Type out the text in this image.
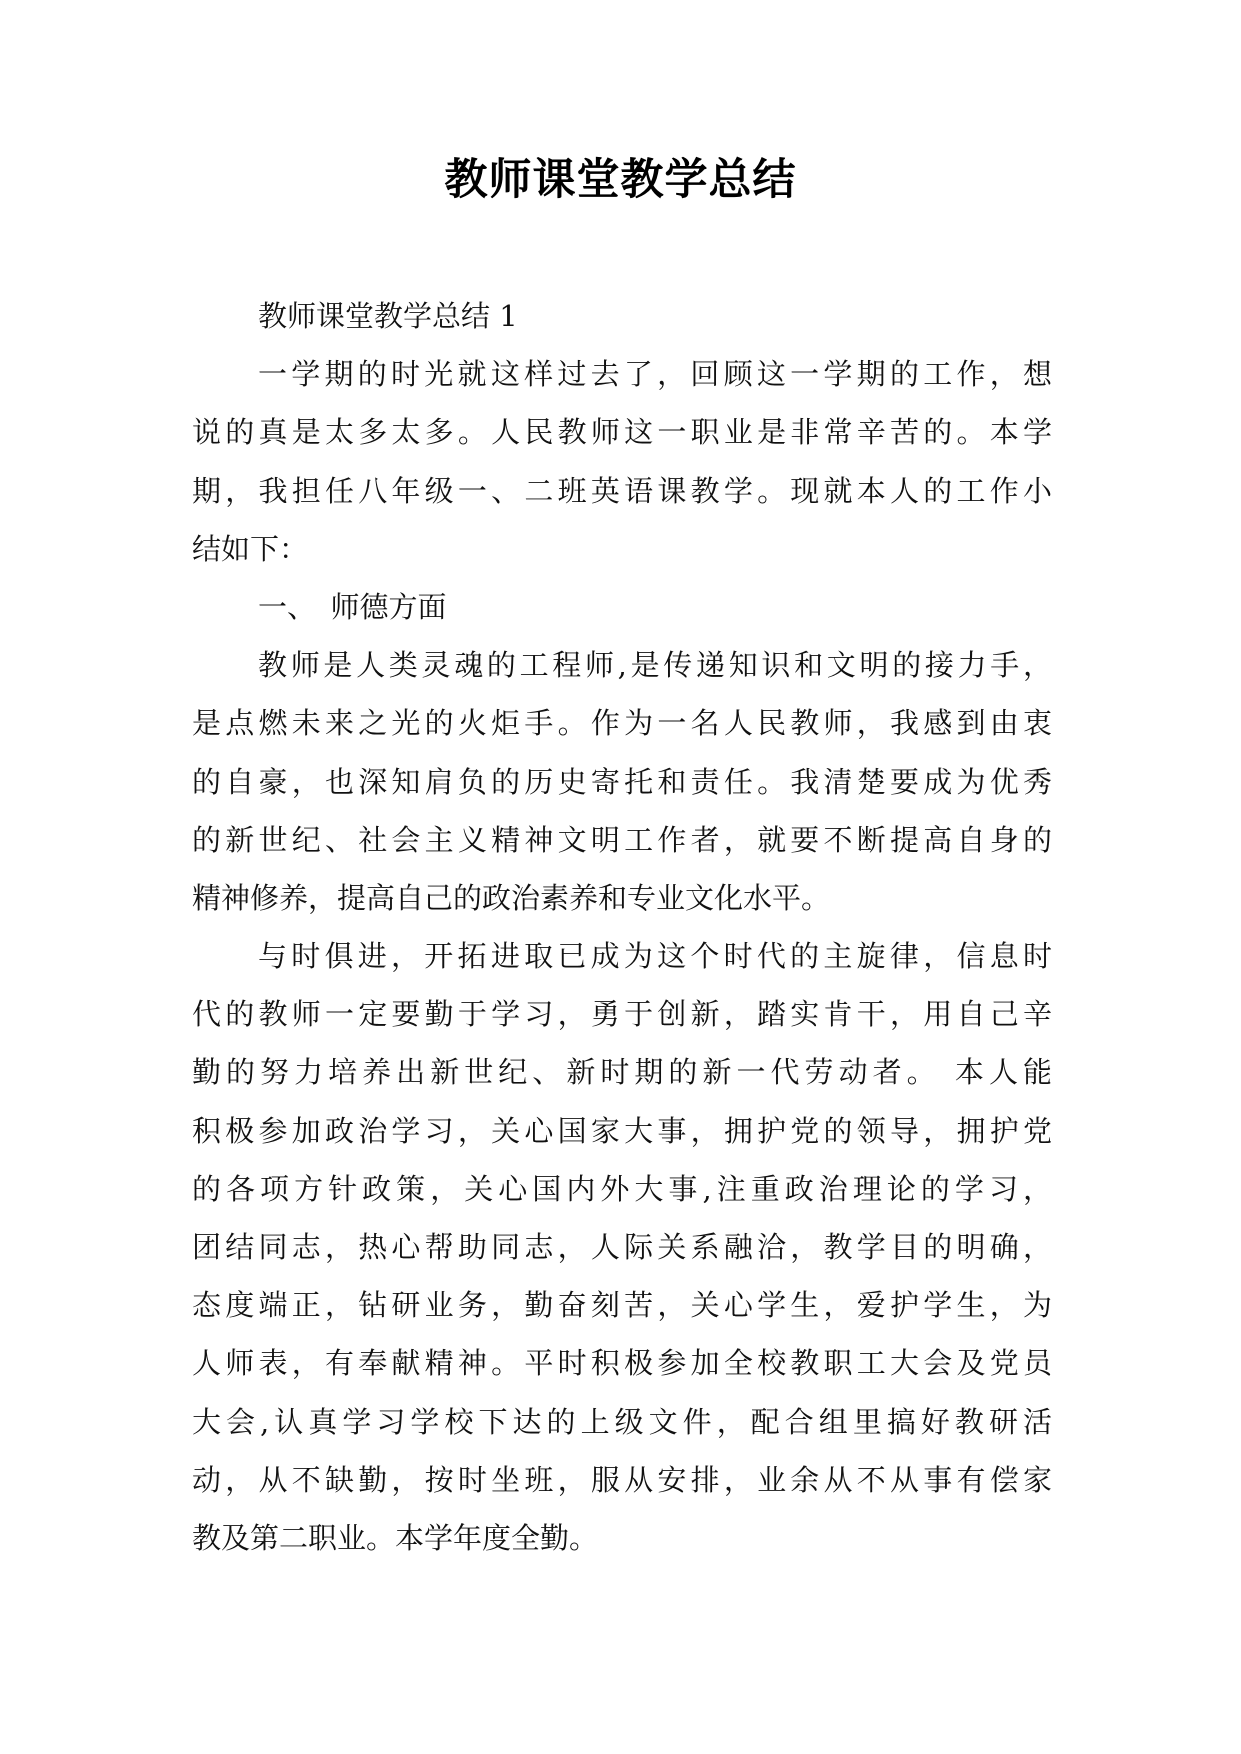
教师课堂教学总结
教师课堂教学总结 1
一学期的时光就这样过去了，回顾这一学期的工作，想
说的真是太多太多。人民教师这一职业是非常辛苦的。本学
期，我担任八年级一、二班英语课教学。现就本人的工作小
结如下：
一、　师德方面
教师是人类灵魂的工程师,是传递知识和文明的接力手，
是点燃未来之光的火炬手。作为一名人民教师，我感到由衷
的自豪，也深知肩负的历史寄托和责任。我清楚要成为优秀
的新世纪、社会主义精神文明工作者，就要不断提高自身的
精神修养，提高自己的政治素养和专业文化水平。
与时俱进，开拓进取已成为这个时代的主旋律，信息时
代的教师一定要勤于学习，勇于创新，踏实肯干，用自己辛
勤的努力培养出新世纪、新时期的新一代劳动者。 本人能
积极参加政治学习，关心国家大事，拥护党的领导，拥护党
的各项方针政策，关心国内外大事,注重政治理论的学习，
团结同志，热心帮助同志，人际关系融洽，教学目的明确，
态度端正，钻研业务，勤奋刻苦，关心学生，爱护学生，为
人师表，有奉献精神。平时积极参加全校教职工大会及党员
大会,认真学习学校下达的上级文件，配合组里搞好教研活
动，从不缺勤，按时坐班，服从安排，业余从不从事有偿家
教及第二职业。本学年度全勤。
